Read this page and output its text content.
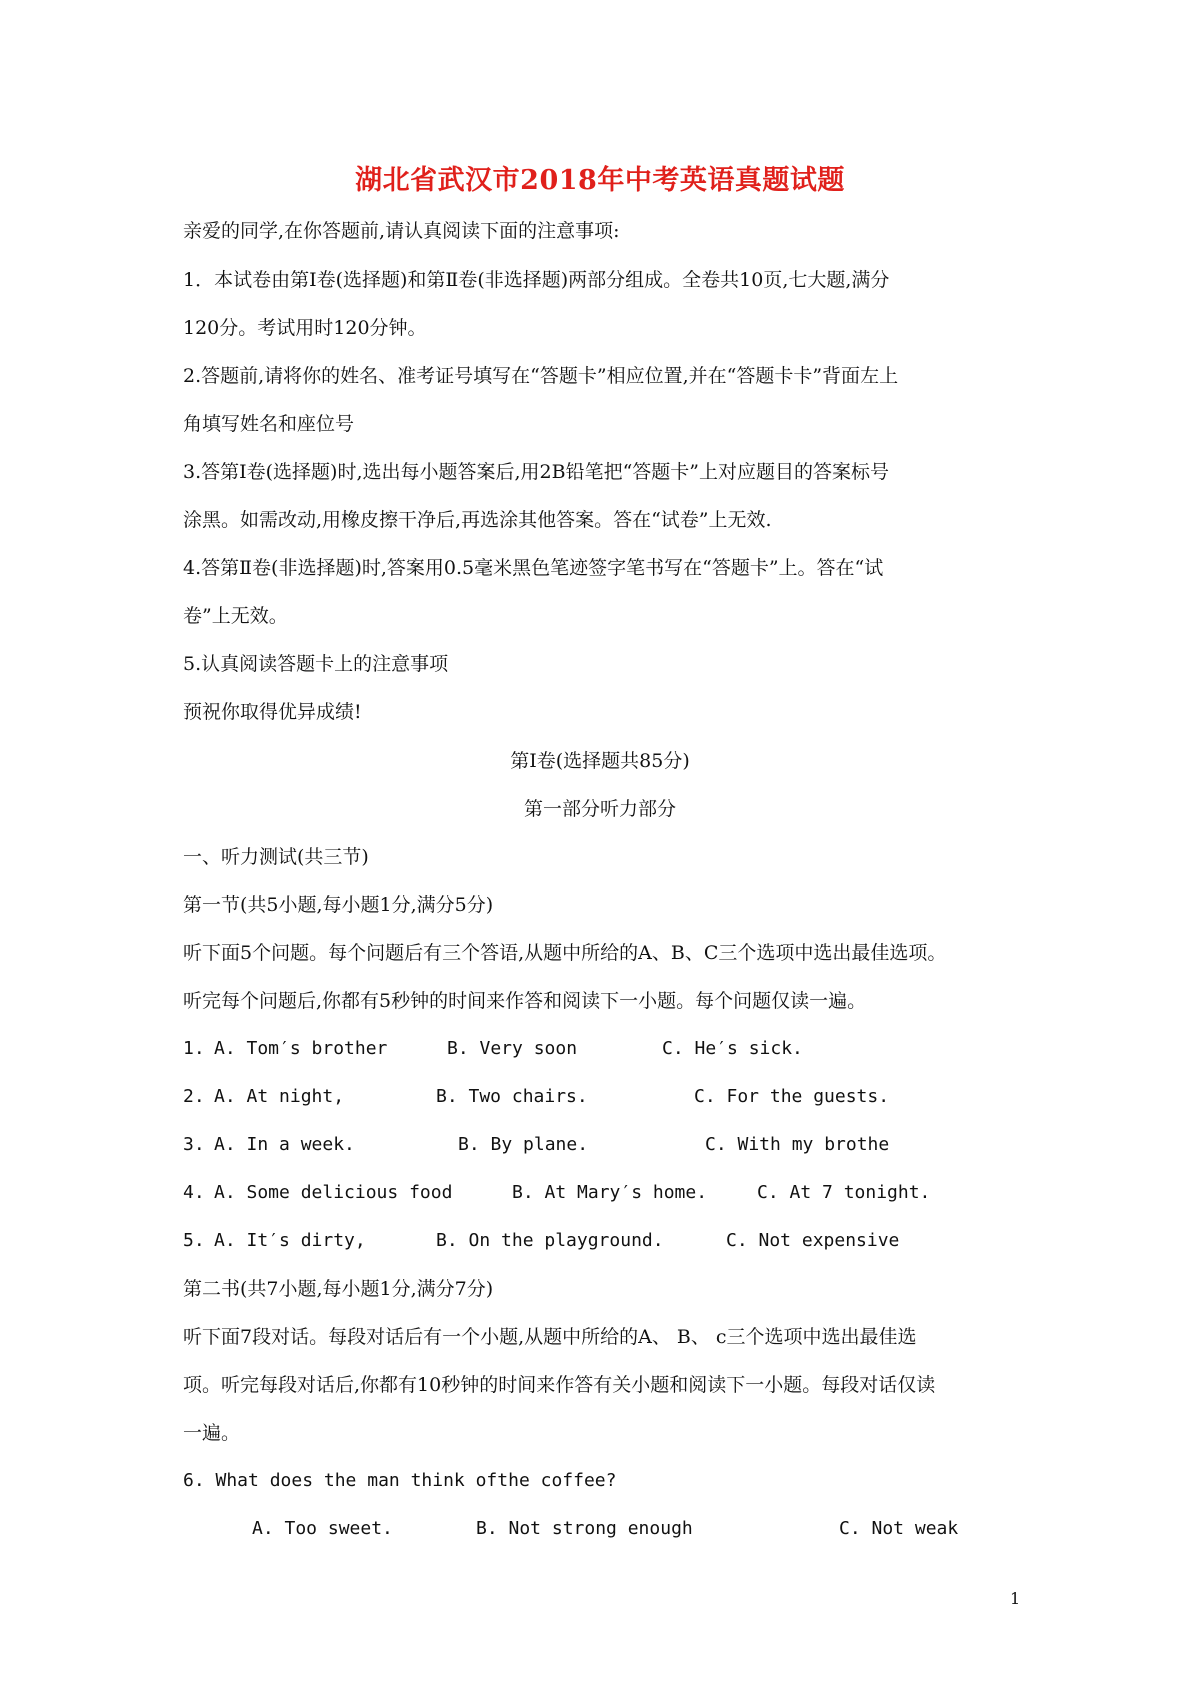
湖北省武汉市2018年中考英语真题试题
亲爱的同学,在你答题前,请认真阅读下面的注意事项:
1．本试卷由第Ⅰ卷(选择题)和第Ⅱ卷(非选择题)两部分组成。全卷共10页,七大题,满分
120分。考试用时120分钟。
2.答题前,请将你的姓名、准考证号填写在“答题卡”相应位置,并在“答题卡卡”背面左上
角填写姓名和座位号
3.答第Ⅰ卷(选择题)时,选出每小题答案后,用2B铅笔把“答题卡”上对应题目的答案标号
涂黑。如需改动,用橡皮擦干净后,再选涂其他答案。答在“试卷”上无效.
4.答第Ⅱ卷(非选择题)时,答案用0.5毫米黑色笔迹签字笔书写在“答题卡”上。答在“试
卷”上无效。
5.认真阅读答题卡上的注意事项
预祝你取得优异成绩!
第Ⅰ卷(选择题共85分)
第一部分听力部分
一、听力测试(共三节)
第一节(共5小题,每小题1分,满分5分)
听下面5个问题。每个问题后有三个答语,从题中所给的A、B、C三个选项中选出最佳选项。
听完每个问题后,你都有5秒钟的时间来作答和阅读下一小题。每个问题仅读一遍。
1. A. Tom′s brother	B. Very soon	C. He′s sick.
2. A. At night,	B. Two chairs.	C. For the guests.
3. A. In a week.	B. By plane.	C. With my brothe
4. A. Some delicious food	B. At Mary′s home.	C. At 7 tonight.
5. A. It′s dirty,	B. On the playground.	C. Not expensive
第二书(共7小题,每小题1分,满分7分)
听下面7段对话。每段对话后有一个小题,从题中所给的A、 B、 c三个选项中选出最佳选
项。听完每段对话后,你都有10秒钟的时间来作答有关小题和阅读下一小题。每段对话仅读
一遍。
6. What does the man think ofthe coffee?
A. Too sweet.	B. Not strong enough	C. Not weak
1
